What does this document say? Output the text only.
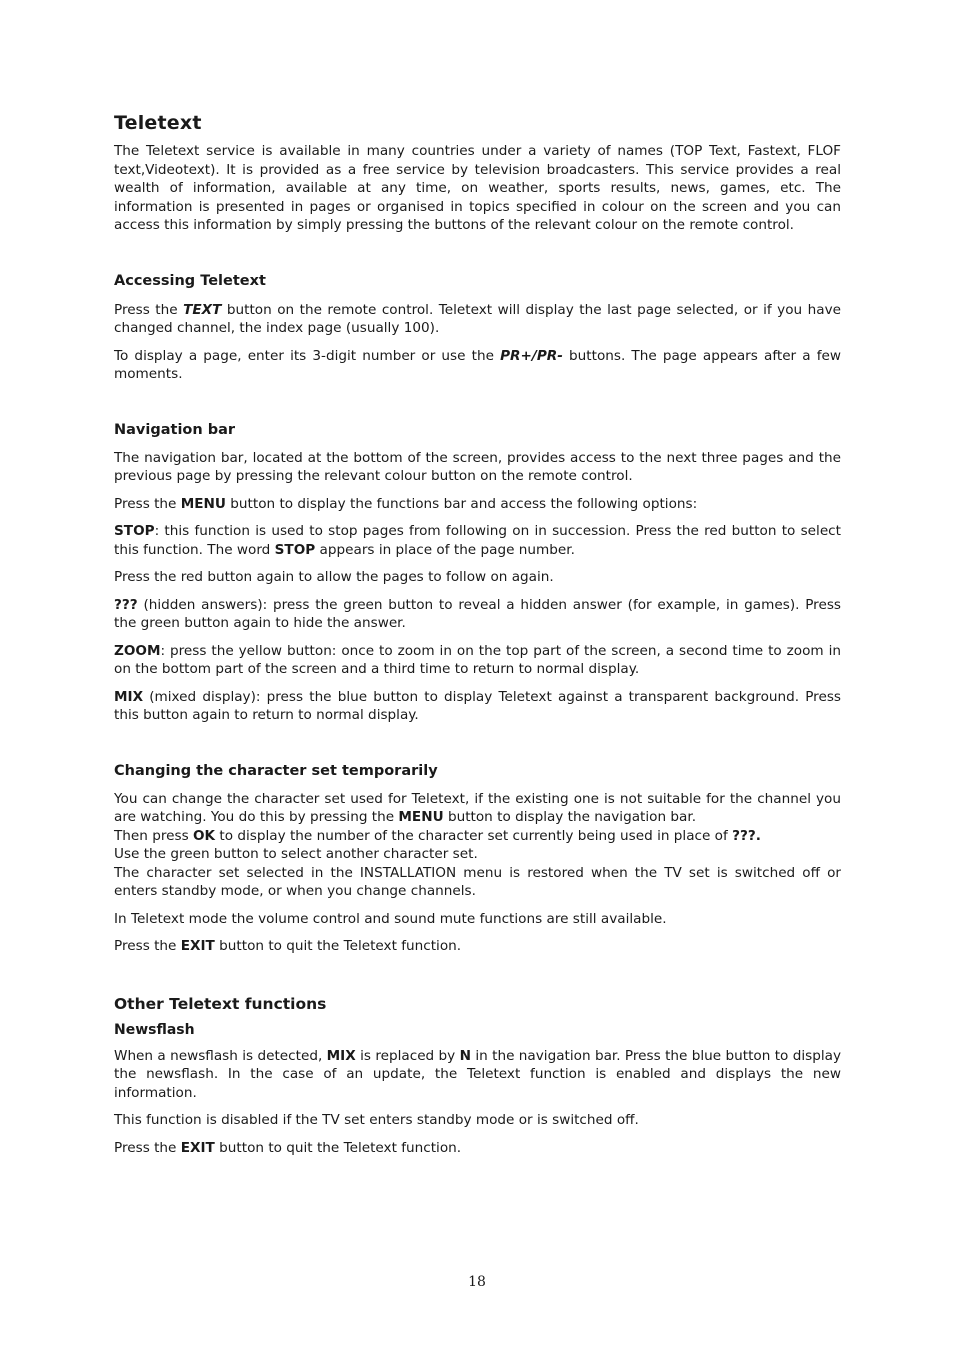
Teletext

The Teletext service is available in many countries under a variety of names (TOP Text, Fastext, FLOF text,Videotext). It is provided as a free service by television broadcasters. This service provides a real wealth of information, available at any time, on weather, sports results, news, games, etc. The information is presented in pages or organised in topics specified in colour on the screen and you can access this information by simply pressing the buttons of the relevant colour on the remote control.

Accessing Teletext

Press the TEXT button on the remote control. Teletext will display the last page selected, or if you have changed channel, the index page (usually 100).

To display a page, enter its 3-digit number or use the PR+/PR- buttons. The page appears after a few moments.

Navigation bar

The navigation bar, located at the bottom of the screen, provides access to the next three pages and the previous page by pressing the relevant colour button on the remote control.

Press the MENU button to display the functions bar and access the following options:

STOP: this function is used to stop pages from following on in succession. Press the red button to select this function. The word STOP appears in place of the page number.

Press the red button again to allow the pages to follow on again.

??? (hidden answers): press the green button to reveal a hidden answer (for example, in games). Press the green button again to hide the answer.

ZOOM: press the yellow button: once to zoom in on the top part of the screen, a second time to zoom in on the bottom part of the screen and a third time to return to normal display.

MIX (mixed display): press the blue button to display Teletext against a transparent background. Press this button again to return to normal display.

Changing the character set temporarily

You can change the character set used for Teletext, if the existing one is not suitable for the channel you are watching. You do this by pressing the MENU button to display the navigation bar.
Then press OK to display the number of the character set currently being used in place of ???.
Use the green button to select another character set.
The character set selected in the INSTALLATION menu is restored when the TV set is switched off or enters standby mode, or when you change channels.

In Teletext mode the volume control and sound mute functions are still available.

Press the EXIT button to quit the Teletext function.

Other Teletext functions
Newsflash

When a newsflash is detected, MIX is replaced by N in the navigation bar. Press the blue button to display the newsflash. In the case of an update, the Teletext function is enabled and displays the new information.

This function is disabled if the TV set enters standby mode or is switched off.

Press the EXIT button to quit the Teletext function.

18
